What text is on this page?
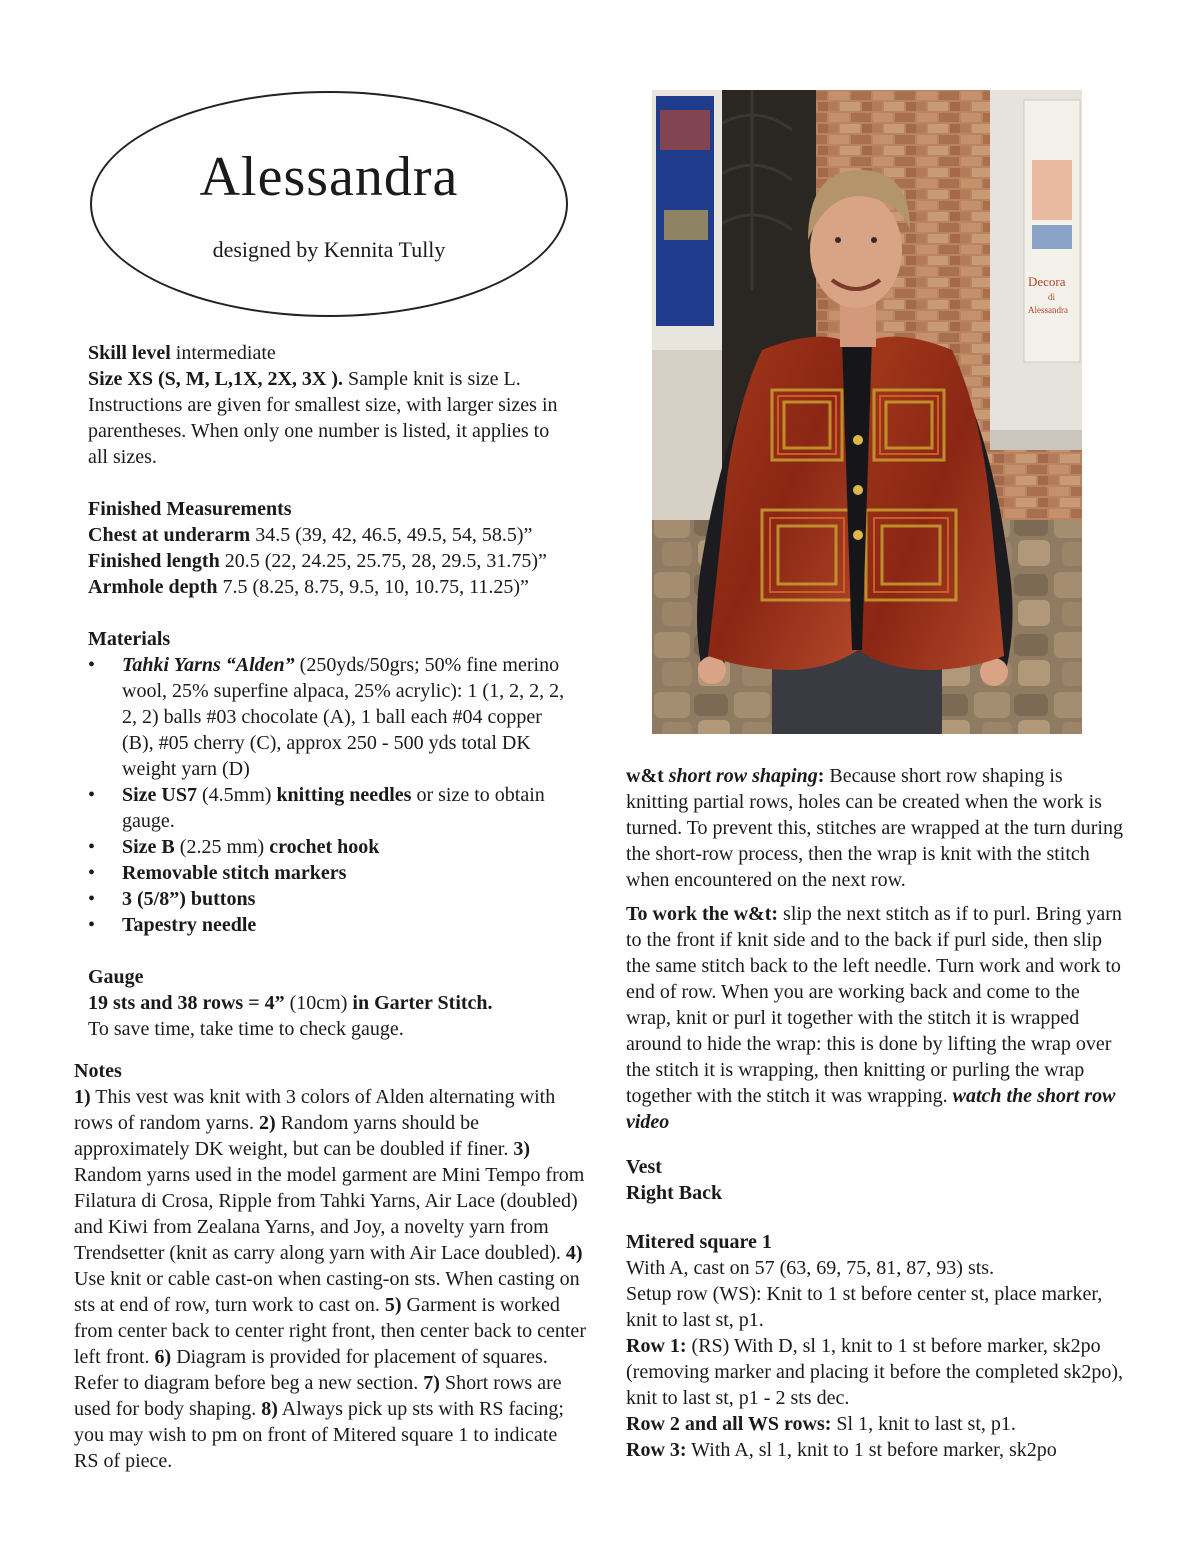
Alessandra
designed by Kennita Tully

Skill level intermediate

Size XS (S, M, L,1X, 2X, 3X ). Sample knit is size L. Instructions are given for smallest size, with larger sizes in parentheses. When only one number is listed, it applies to all sizes.

Finished Measurements

Chest at underarm 34.5 (39, 42, 46.5, 49.5, 54, 58.5)”

Finished length 20.5 (22, 24.25, 25.75, 28, 29.5, 31.75)”

Armhole depth 7.5 (8.25, 8.75, 9.5, 10, 10.75, 11.25)”

Materials

• Tahki Yarns “Alden” (250yds/50grs; 50% fine merino wool, 25% superfine alpaca, 25% acrylic): 1 (1, 2, 2, 2, 2, 2) balls #03 chocolate (A), 1 ball each #04 copper (B), #05 cherry (C), approx 250 - 500 yds total DK weight yarn (D)
• Size US7 (4.5mm) knitting needles or size to obtain gauge.
• Size B (2.25 mm) crochet hook
• Removable stitch markers
• 3 (5/8”) buttons
• Tapestry needle

Gauge

19 sts and 38 rows = 4” (10cm) in Garter Stitch.

To save time, take time to check gauge.

Notes

1) This vest was knit with 3 colors of Alden alternating with rows of random yarns. 2) Random yarns should be approximately DK weight, but can be doubled if finer. 3) Random yarns used in the model garment are Mini Tempo from Filatura di Crosa, Ripple from Tahki Yarns, Air Lace (doubled) and Kiwi from Zealana Yarns, and Joy, a novelty yarn from Trendsetter (knit as carry along yarn with Air Lace doubled). 4) Use knit or cable cast-on when casting-on sts. When casting on sts at end of row, turn work to cast on. 5) Garment is worked from center back to center right front, then center back to center left front. 6) Diagram is provided for placement of squares. Refer to diagram before beg a new section. 7) Short rows are used for body shaping. 8) Always pick up sts with RS facing; you may wish to pm on front of Mitered square 1 to indicate RS of piece.

Decora
di
Alessandra

w&t short row shaping: Because short row shaping is knitting partial rows, holes can be created when the work is turned. To prevent this, stitches are wrapped at the turn during the short-row process, then the wrap is knit with the stitch when encountered on the next row.

To work the w&t: slip the next stitch as if to purl. Bring yarn to the front if knit side and to the back if purl side, then slip the same stitch back to the left needle. Turn work and work to end of row. When you are working back and come to the wrap, knit or purl it together with the stitch it is wrapped around to hide the wrap: this is done by lifting the wrap over the stitch it is wrapping, then knitting or purling the wrap together with the stitch it was wrapping. watch the short row video

Vest

Right Back

Mitered square 1

With A, cast on 57 (63, 69, 75, 81, 87, 93) sts.

Setup row (WS): Knit to 1 st before center st, place marker, knit to last st, p1.

Row 1: (RS) With D, sl 1, knit to 1 st before marker, sk2po (removing marker and placing it before the completed sk2po), knit to last st, p1 - 2 sts dec.

Row 2 and all WS rows: Sl 1, knit to last st, p1.

Row 3: With A, sl 1, knit to 1 st before marker, sk2po
